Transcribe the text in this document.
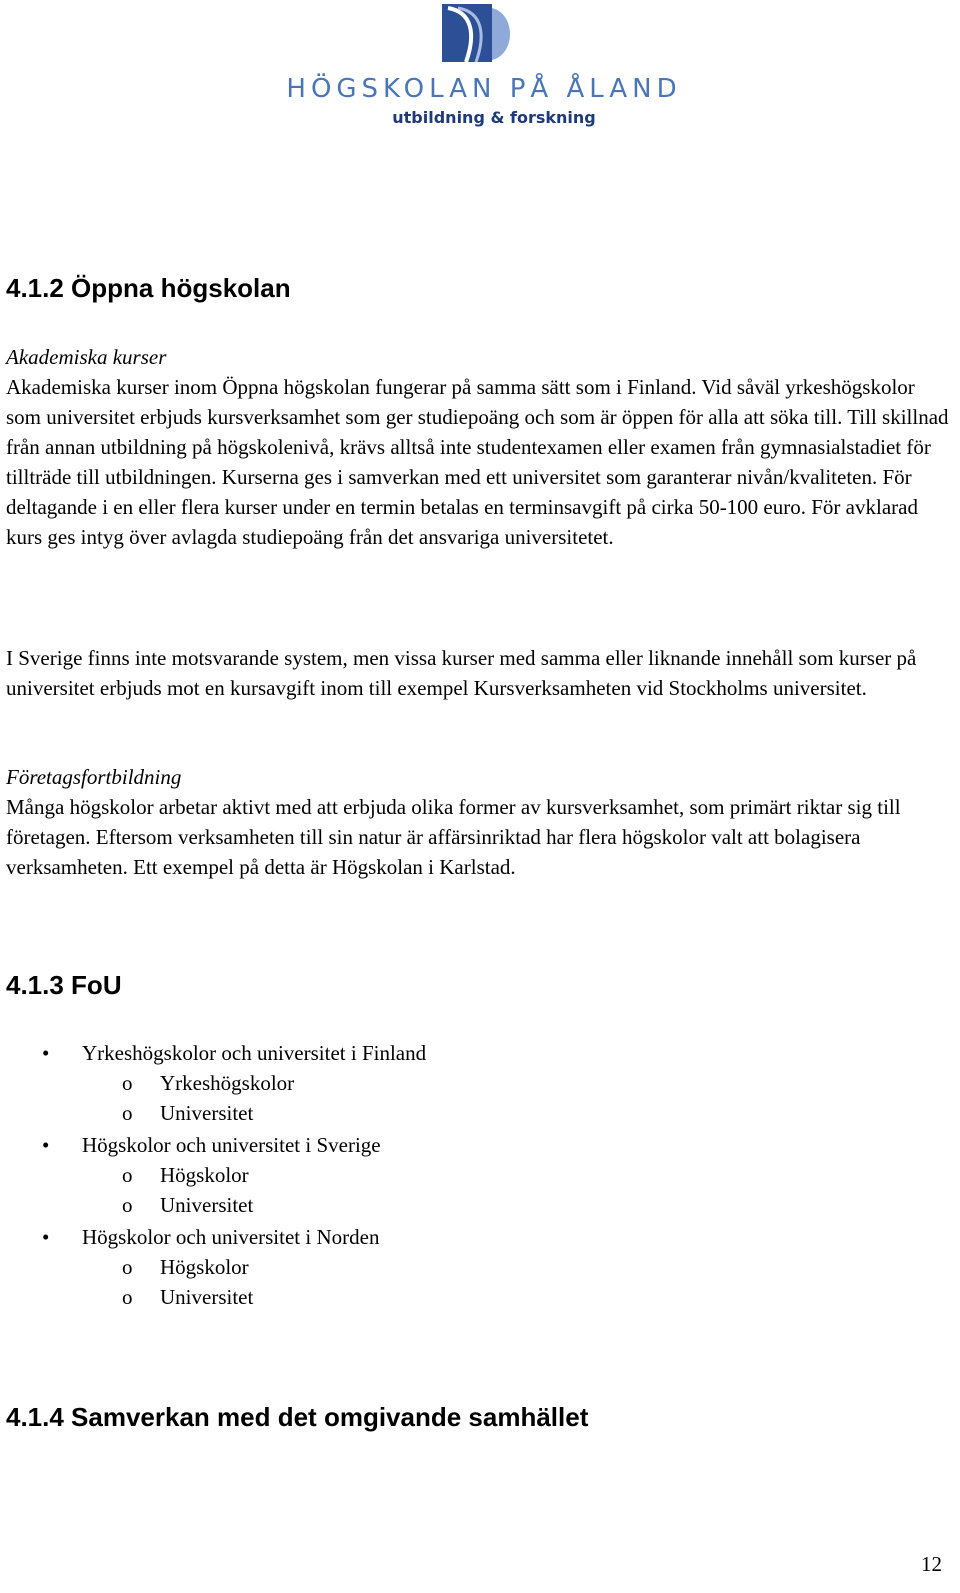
HÖGSKOLAN PÅ ÅLAND
utbildning & forskning
4.1.2 Öppna högskolan

Akademiska kurser

Akademiska kurser inom Öppna högskolan fungerar på samma sätt som i Finland. Vid såväl yrkeshögskolor som universitet erbjuds kursverksamhet som ger studiepoäng och som är öppen för alla att söka till. Till skillnad från annan utbildning på högskolenivå, krävs alltså inte studentexamen eller examen från gymnasialstadiet för tillträde till utbildningen. Kurserna ges i samverkan med ett universitet som garanterar nivån/kvaliteten. För deltagande i en eller flera kurser under en termin betalas en terminsavgift på cirka 50-100 euro. För avklarad kurs ges intyg över avlagda studiepoäng från det ansvariga universitetet.

I Sverige finns inte motsvarande system, men vissa kurser med samma eller liknande innehåll som kurser på universitet erbjuds mot en kursavgift inom till exempel Kursverksamheten vid Stockholms universitet.

Företagsfortbildning

Många högskolor arbetar aktivt med att erbjuda olika former av kursverksamhet, som primärt riktar sig till företagen. Eftersom verksamheten till sin natur är affärsinriktad har flera högskolor valt att bolagisera verksamheten. Ett exempel på detta är Högskolan i Karlstad.

4.1.3 FoU
• Yrkeshögskolor och universitet i Finland
o Yrkeshögskolor
o Universitet
• Högskolor och universitet i Sverige
o Högskolor
o Universitet
• Högskolor och universitet i Norden
o Högskolor
o Universitet
4.1.4 Samverkan med det omgivande samhället
12
